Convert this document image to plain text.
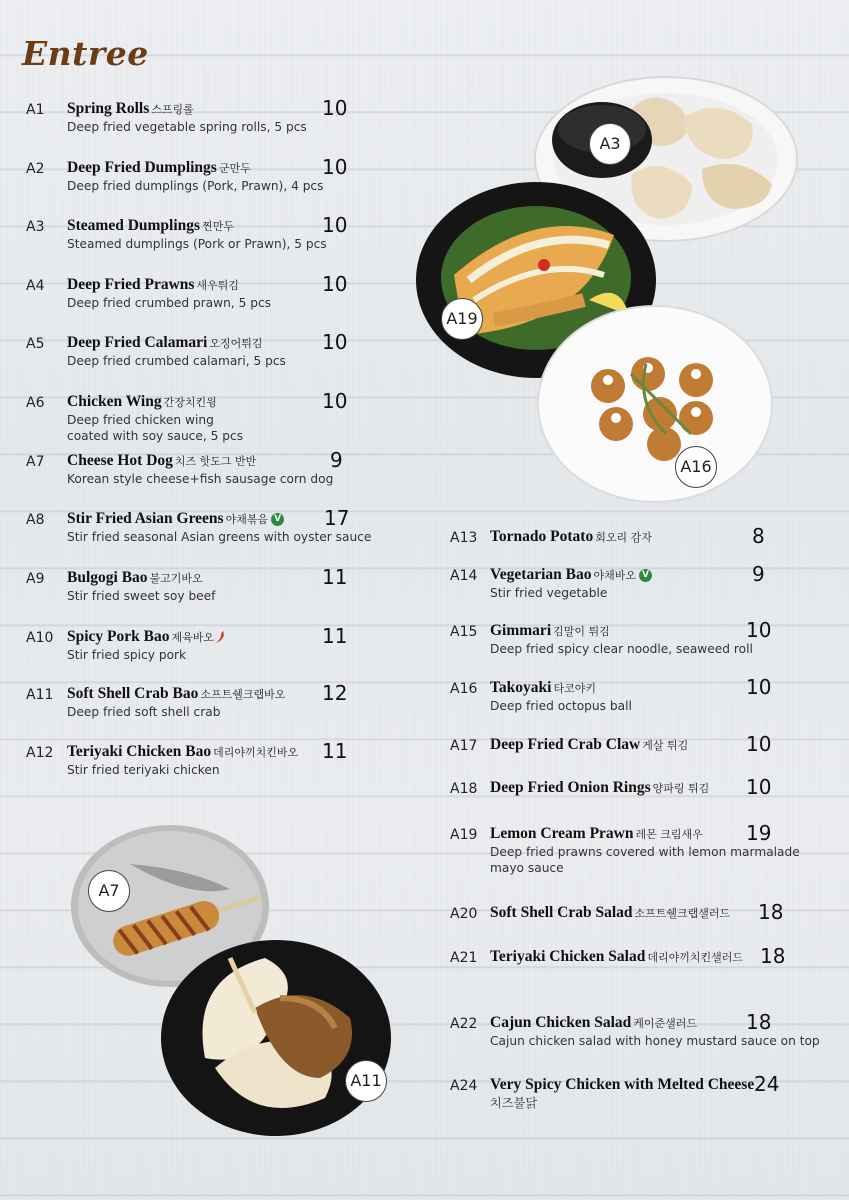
Entree
A3
A19
A16
A7
A11
A1 Spring Rolls 스프링롤	10
Deep fried vegetable spring rolls, 5 pcs
A2 Deep Fried Dumplings 군만두	10
Deep fried dumplings (Pork, Prawn), 4 pcs
A3 Steamed Dumplings 찐만두	10
Steamed dumplings (Pork or Prawn), 5 pcs
A4 Deep Fried Prawns 새우튀김	10
Deep fried crumbed prawn, 5 pcs
A5 Deep Fried Calamari 오징어튀김	10
Deep fried crumbed calamari, 5 pcs
A6 Chicken Wing 간장치킨윙	10
Deep fried chicken wing
coated with soy sauce, 5 pcs
A7 Cheese Hot Dog 치즈 핫도그 반반	9
Korean style cheese+fish sausage corn dog
A8 Stir Fried Asian Greens 야채볶음 V 17
Stir fried seasonal Asian greens with oyster sauce
A9 Bulgogi Bao 불고기바오	11
Stir fried sweet soy beef
A10 Spicy Pork Bao 제육바오	11
Stir fried spicy pork
A11 Soft Shell Crab Bao 소프트쉘크랩바오 12
Deep fried soft shell crab
A12 Teriyaki Chicken Bao 데리야끼치킨바오 11
Stir fried teriyaki chicken
A13 Tornado Potato 회오리 감자	8
A14 Vegetarian Bao 야채바오 V	9
Stir fried vegetable
A15 Gimmari 김말이 튀김	10
Deep fried spicy clear noodle, seaweed roll
A16 Takoyaki 타코야키	10
Deep fried octopus ball
A17 Deep Fried Crab Claw 게살 튀김	10
A18 Deep Fried Onion Rings 양파링 튀김 10
A19 Lemon Cream Prawn 레몬 크림새우 19
Deep fried prawns covered with lemon marmalade
mayo sauce
A20 Soft Shell Crab Salad 소프트쉘크랩샐러드 18
A21 Teriyaki Chicken Salad 데리야끼치킨샐러드 18
A22 Cajun Chicken Salad 케이준샐러드 18
Cajun chicken salad with honey mustard sauce on top
A24 Very Spicy Chicken with Melted Cheese 24
치즈불닭
